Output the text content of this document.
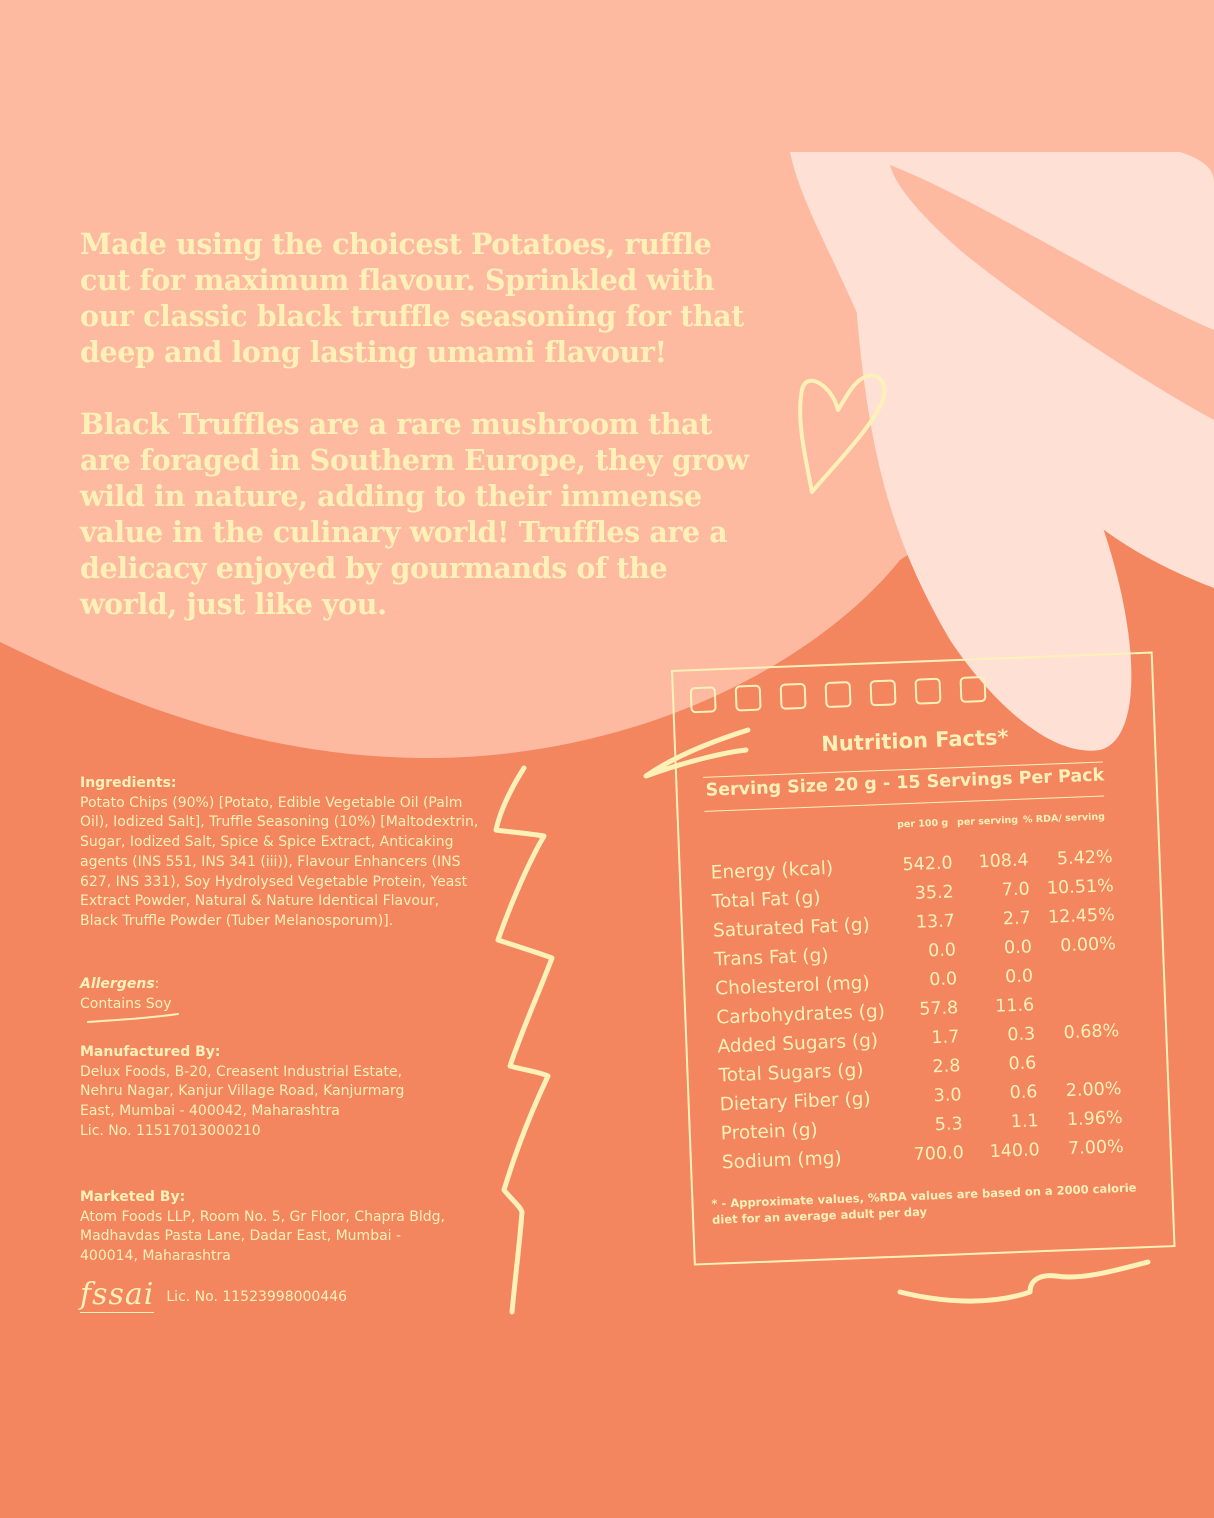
Made using the choicest Potatoes, ruffle cut for maximum flavour. Sprinkled with our classic black truffle seasoning for that deep and long lasting umami flavour!

Black Truffles are a rare mushroom that are foraged in Southern Europe, they grow wild in nature, adding to their immense value in the culinary world! Truffles are a delicacy enjoyed by gourmands of the world, just like you.

Ingredients:
Potato Chips (90%) [Potato, Edible Vegetable Oil (Palm Oil), Iodized Salt], Truffle Seasoning (10%) [Maltodextrin, Sugar, Iodized Salt, Spice & Spice Extract, Anticaking agents (INS 551, INS 341 (iii)), Flavour Enhancers (INS 627, INS 331), Soy Hydrolysed Vegetable Protein, Yeast Extract Powder, Natural & Nature Identical Flavour, Black Truffle Powder (Tuber Melanosporum)].
Allergens:
Contains Soy
Manufactured By:
Delux Foods, B-20, Creasent Industrial Estate, Nehru Nagar, Kanjur Village Road, Kanjurmarg East, Mumbai - 400042, Maharashtra
Lic. No. 11517013000210
Marketed By:
Atom Foods LLP, Room No. 5, Gr Floor, Chapra Bldg, Madhavdas Pasta Lane, Dadar East, Mumbai - 400014, Maharashtra
fssai Lic. No. 11523998000446
Nutrition Facts*
Serving Size 20 g - 15 Servings Per Pack
per 100 g per serving % RDA/ serving
Energy (kcal)	542.0	108.4	5.42%
Total Fat (g)	35.2	7.0 10.51%
Saturated Fat (g)	13.7	2.7 12.45%
Trans Fat (g)	0.0	0.0	0.00%
Cholesterol (mg)	0.0	0.0
Carbohydrates (g)	57.8	11.6
Added Sugars (g)	1.7	0.3	0.68%
Total Sugars (g)	2.8	0.6
Dietary Fiber (g)	3.0	0.6	2.00%
Protein (g)	5.3	1.1	1.96%
Sodium (mg)	700.0	140.0	7.00%
* - Approximate values, %RDA values are based on a 2000 calorie diet for an average adult per day
